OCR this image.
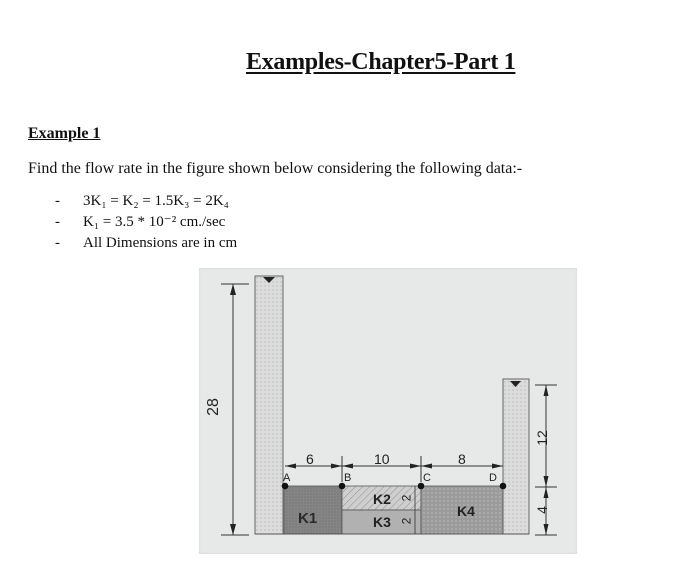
Examples-Chapter5-Part 1
Example 1
Find the flow rate in the figure shown below considering the following data:-
- 3K₁ = K₂ = 1.5K₃ = 2K₄
- K₁ = 3.5 * 10⁻² cm./sec
- All Dimensions are in cm
28
12
4
6	10	8
A	B	C	D
K1
K2
K3
K4
2
2
